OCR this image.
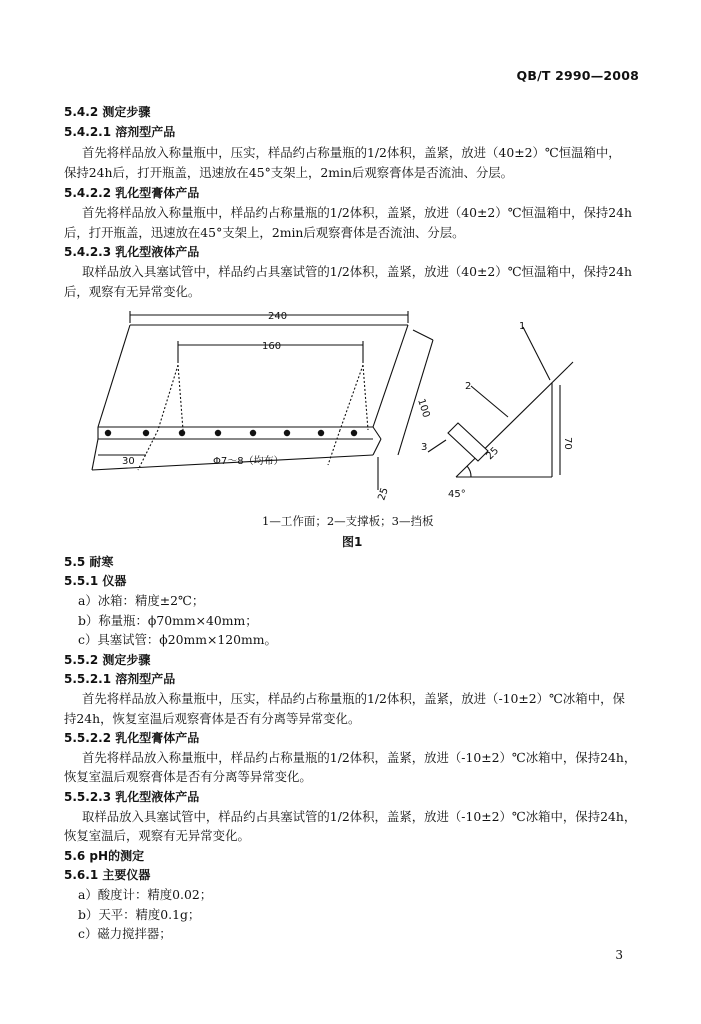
QB/T 2990—2008
5.4.2 测定步骤
5.4.2.1 溶剂型产品
首先将样品放入称量瓶中，压实，样品约占称量瓶的1/2体积，盖紧，放进（40±2）℃恒温箱中，
保持24h后，打开瓶盖，迅速放在45°支架上，2min后观察膏体是否流油、分层。
5.4.2.2 乳化型膏体产品
首先将样品放入称量瓶中，样品约占称量瓶的1/2体积，盖紧，放进（40±2）℃恒温箱中，保持24h
后，打开瓶盖，迅速放在45°支架上，2min后观察膏体是否流油、分层。
5.4.2.3 乳化型液体产品
取样品放入具塞试管中，样品约占具塞试管的1/2体积，盖紧，放进（40±2）℃恒温箱中，保持24h
后，观察有无异常变化。
240
160
100
30
25
Φ7～8（均布）
1
2
3	70
25
45°
1—工作面；2—支撑板；3—挡板
图1
5.5 耐寒
5.5.1 仪器
a）冰箱：精度±2℃；
b）称量瓶：ϕ70mm×40mm；
c）具塞试管：ϕ20mm×120mm。
5.5.2 测定步骤
5.5.2.1 溶剂型产品
首先将样品放入称量瓶中，压实，样品约占称量瓶的1/2体积，盖紧，放进（-10±2）℃冰箱中，保
持24h，恢复室温后观察膏体是否有分离等异常变化。
5.5.2.2 乳化型膏体产品
首先将样品放入称量瓶中，样品约占称量瓶的1/2体积，盖紧，放进（-10±2）℃冰箱中，保持24h，
恢复室温后观察膏体是否有分离等异常变化。
5.5.2.3 乳化型液体产品
取样品放入具塞试管中，样品约占具塞试管的1/2体积，盖紧，放进（-10±2）℃冰箱中，保持24h，
恢复室温后，观察有无异常变化。
5.6 pH的测定
5.6.1 主要仪器
a）酸度计：精度0.02；
b）天平：精度0.1g；
c）磁力搅拌器；
3
